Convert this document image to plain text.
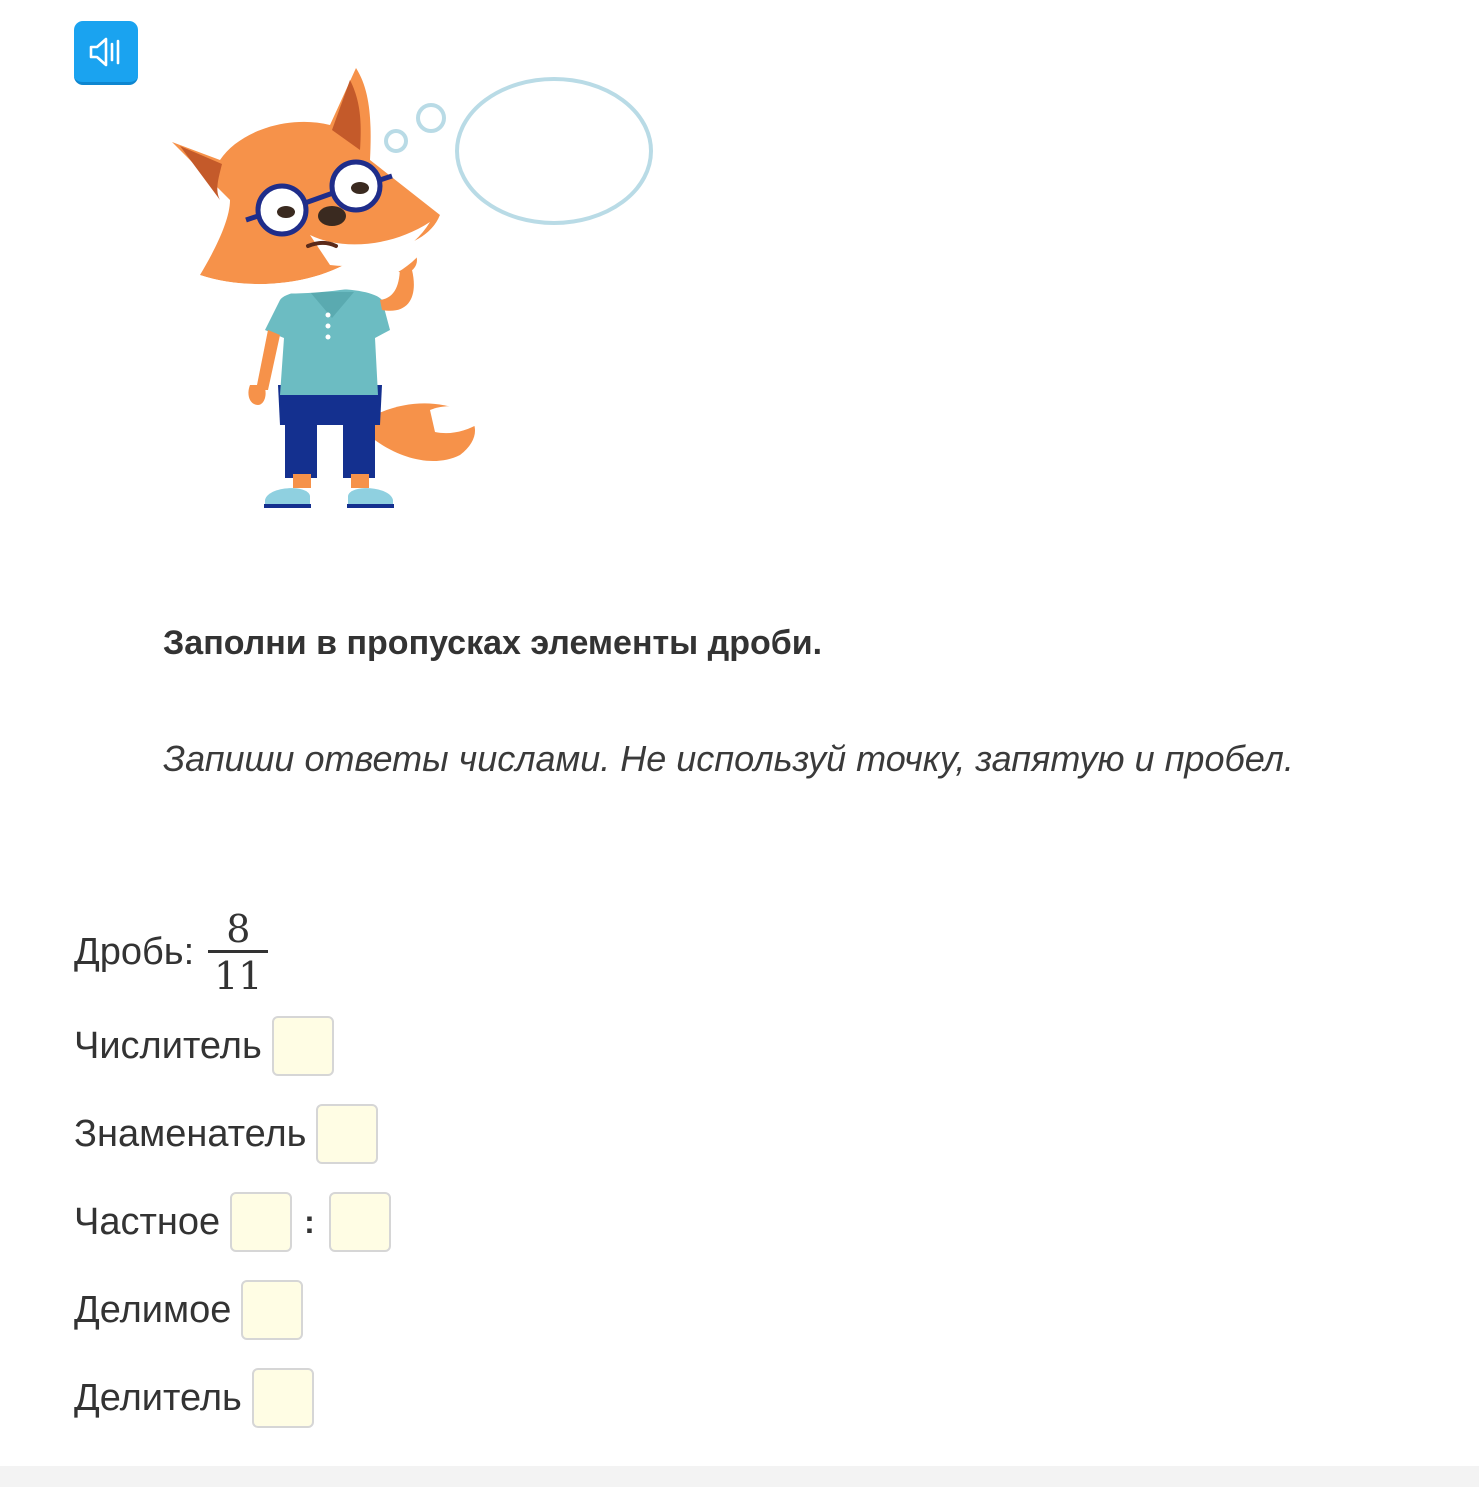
Заполни в пропусках элементы дроби.
Запиши ответы числами. Не используй точку, запятую и пробел.
Дробь: $\frac{8}{11}$
Числитель
Знаменатель
Частное	:
Делимое
Делитель
